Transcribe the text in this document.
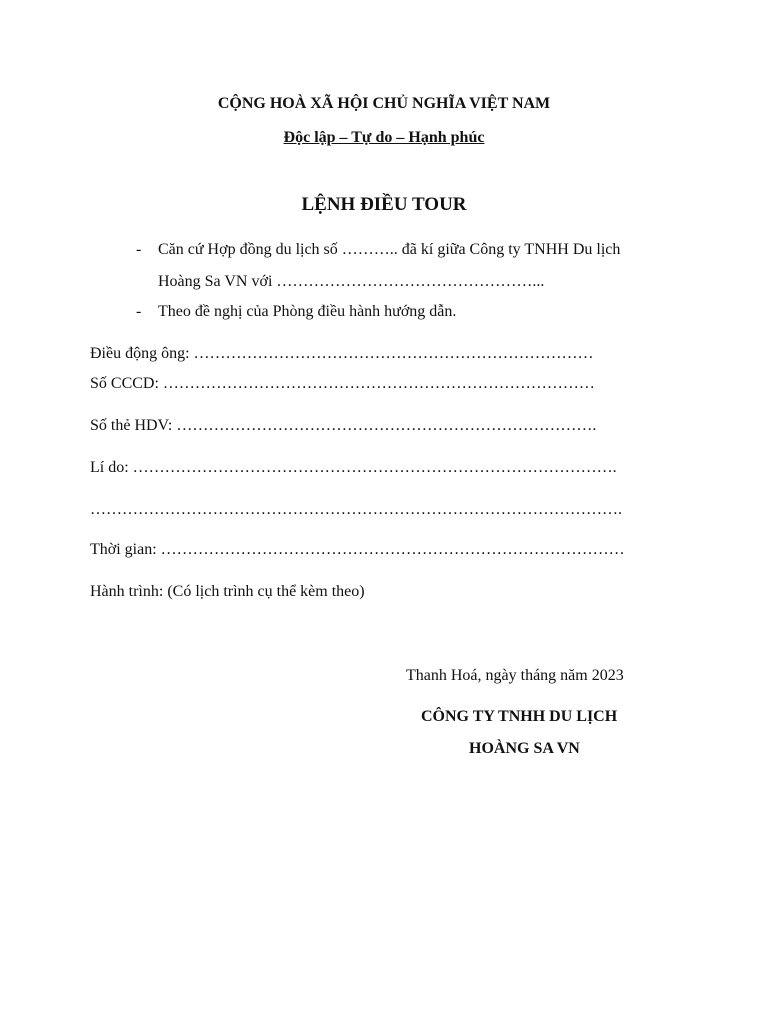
CỘNG HOÀ XÃ HỘI CHỦ NGHĨA VIỆT NAM
Độc lập – Tự do – Hạnh phúc
LỆNH ĐIỀU TOUR
- Căn cứ Hợp đồng du lịch số ……….. đã kí giữa Công ty TNHH Du lịch
Hoàng Sa VN với …………………………………………...
- Theo đề nghị của Phòng điều hành hướng dẫn.
Điều động ông: …………………………………………………………………
Số CCCD: ………………………………………………………………………
Số thẻ HDV: …………………………………………………………………….
Lí do: ……………………………………………………………………………….
……………………………………………………………………………………….
Thời gian: ……………………………………………………………………………
Hành trình: (Có lịch trình cụ thể kèm theo)
Thanh Hoá, ngày tháng năm 2023
CÔNG TY TNHH DU LỊCH
HOÀNG SA VN
